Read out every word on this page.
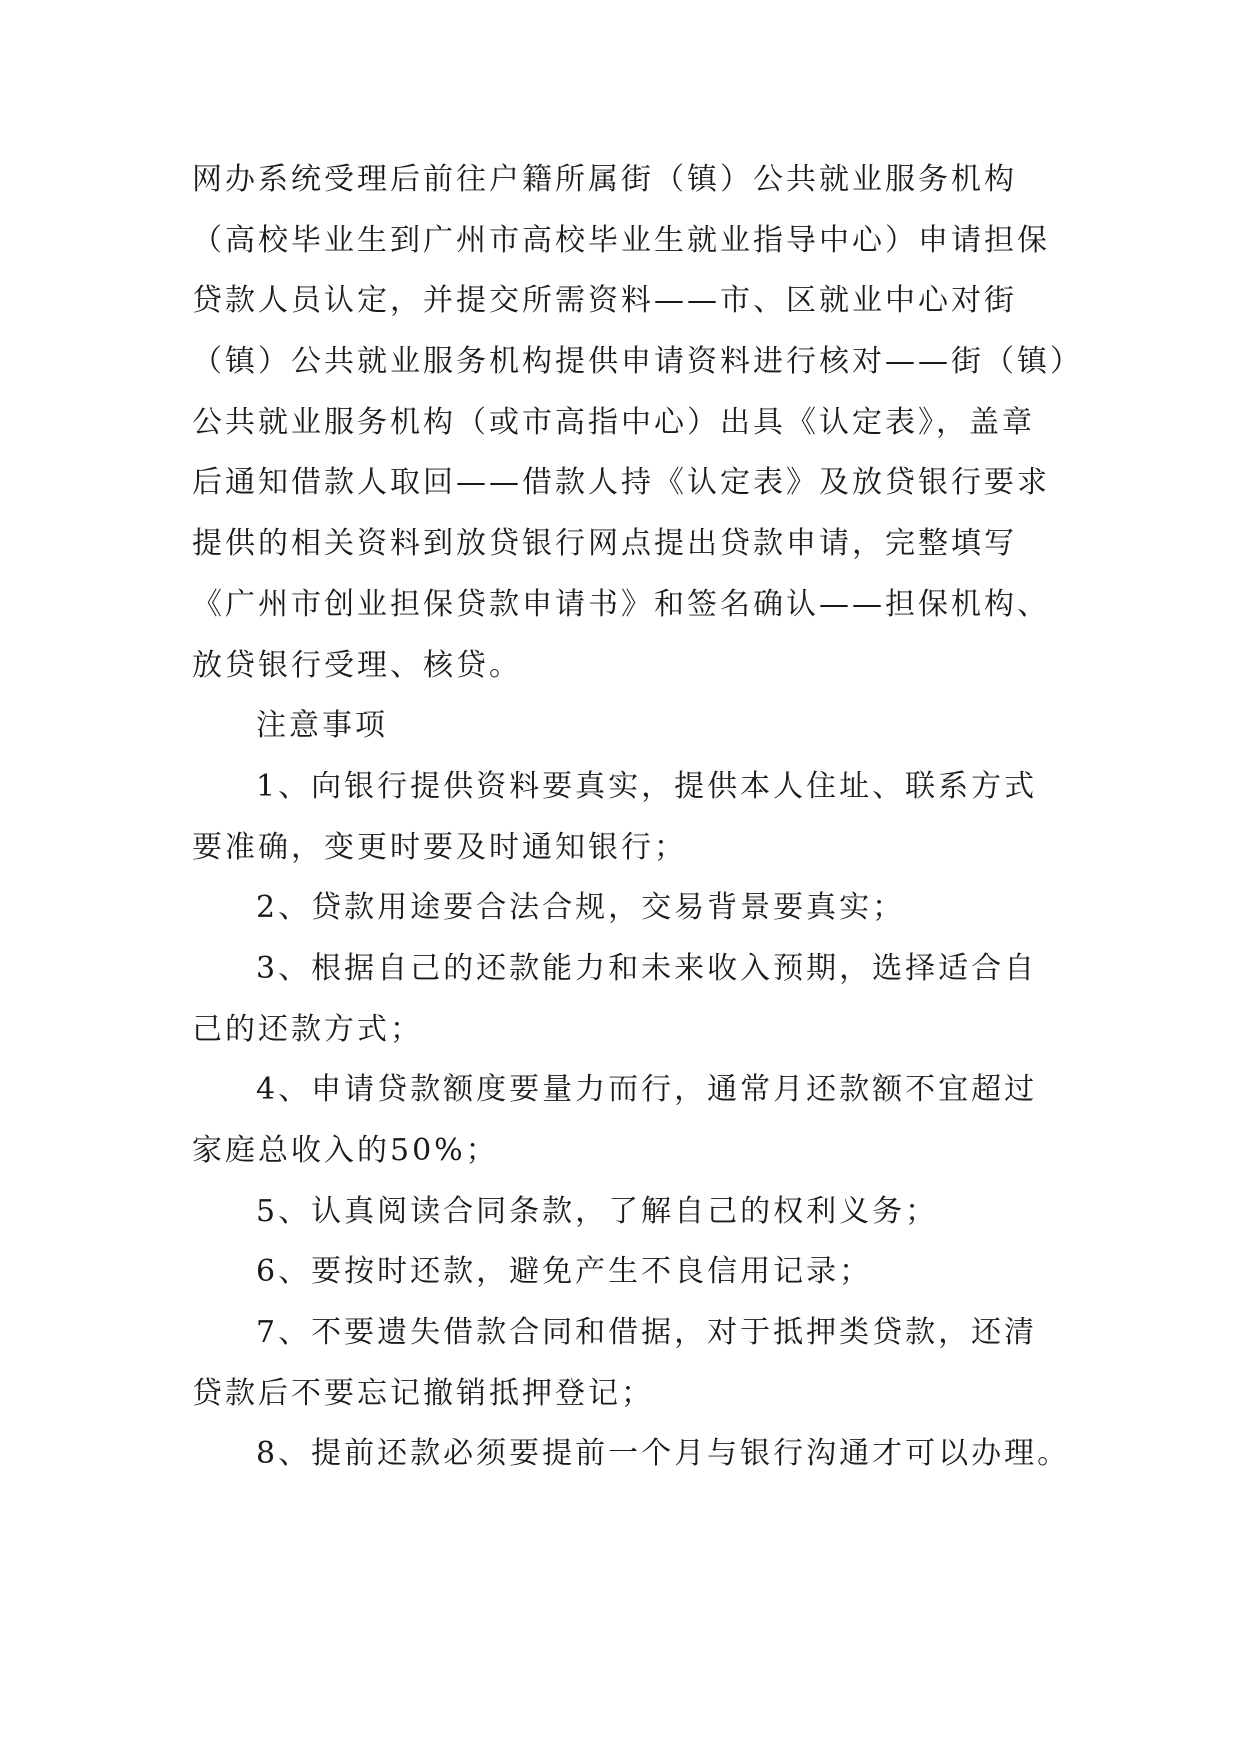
网办系统受理后前往户籍所属街（镇）公共就业服务机构
（高校毕业生到广州市高校毕业生就业指导中心）申请担保
贷款人员认定，并提交所需资料——市、区就业中心对街
（镇）公共就业服务机构提供申请资料进行核对——街（镇）
公共就业服务机构（或市高指中心）出具《认定表》，盖章
后通知借款人取回——借款人持《认定表》及放贷银行要求
提供的相关资料到放贷银行网点提出贷款申请，完整填写
《广州市创业担保贷款申请书》和签名确认——担保机构、
放贷银行受理、核贷。
注意事项
1、向银行提供资料要真实，提供本人住址、联系方式
要准确，变更时要及时通知银行；
2、贷款用途要合法合规，交易背景要真实；
3、根据自己的还款能力和未来收入预期，选择适合自
己的还款方式；
4、申请贷款额度要量力而行，通常月还款额不宜超过
家庭总收入的50%；
5、认真阅读合同条款，了解自己的权利义务；
6、要按时还款，避免产生不良信用记录；
7、不要遗失借款合同和借据，对于抵押类贷款，还清
贷款后不要忘记撤销抵押登记；
8、提前还款必须要提前一个月与银行沟通才可以办理。
